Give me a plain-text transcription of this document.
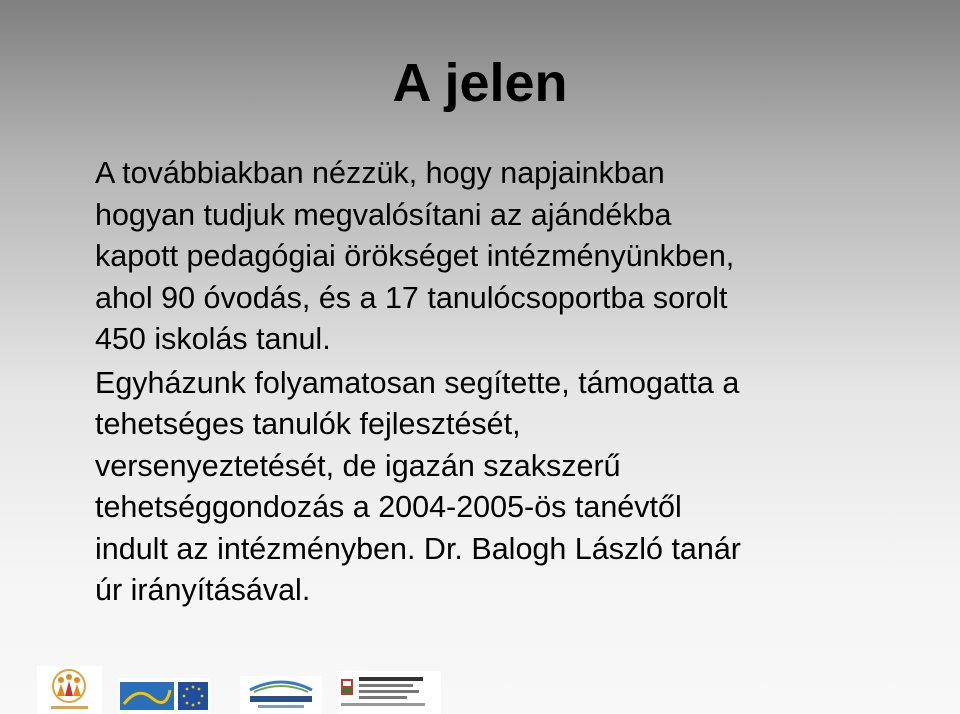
A jelen

A továbbiakban nézzük, hogy napjainkban
hogyan tudjuk megvalósítani az ajándékba
kapott pedagógiai örökséget intézményünkben,
ahol 90 óvodás, és a 17 tanulócsoportba sorolt
450 iskolás tanul.

Egyházunk folyamatosan segítette, támogatta a
tehetséges tanulók fejlesztését,
versenyeztetését, de igazán szakszerű
tehetséggondozás a 2004-2005-ös tanévtől
indult az intézményben. Dr. Balogh László tanár
úr irányításával.
